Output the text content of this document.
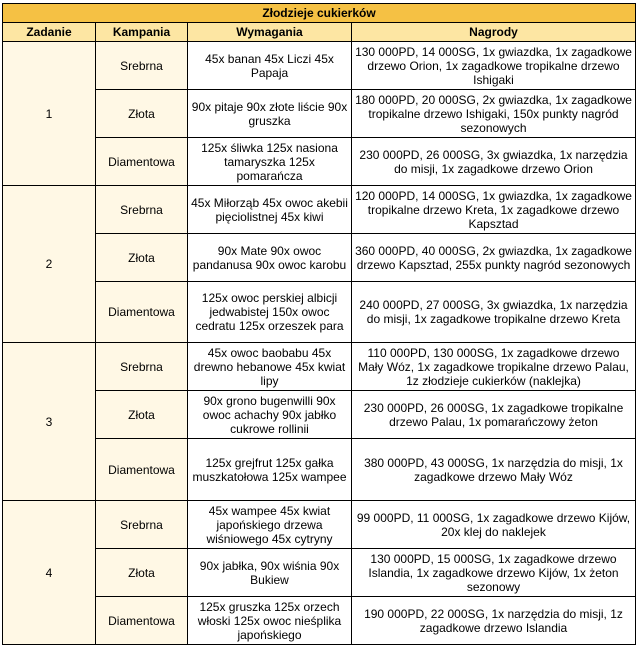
Złodzieje cukierków			
Zadanie	Kampania	Wymagania	Nagrody
1	Srebrna	45x banan 45x Liczi 45x Papaja	130 000PD, 14 000SG, 1x gwiazdka, 1x zagadkowe drzewo Orion, 1x zagadkowe tropikalne drzewo Ishigaki
	Złota	90x pitaje 90x złote liście 90x gruszka	180 000PD, 20 000SG, 2x gwiazdka, 1x zagadkowe tropikalne drzewo Ishigaki, 150x punkty nagród sezonowych
	Diamentowa	125x śliwka 125x nasiona tamaryszka 125x pomarańcza	230 000PD, 26 000SG, 3x gwiazdka, 1x narzędzia do misji, 1x zagadkowe drzewo Orion
2	Srebrna	45x Miłorząb 45x owoc akebii pięciolistnej 45x kiwi	120 000PD, 14 000SG, 1x gwiazdka, 1x zagadkowe tropikalne drzewo Kreta, 1x zagadkowe drzewo Kapsztad
	Złota	90x Mate 90x owoc pandanusa 90x owoc karobu	360 000PD, 40 000SG, 2x gwiazdka, 1x zagadkowe drzewo Kapsztad, 255x punkty nagród sezonowych
	Diamentowa	125x owoc perskiej albicji jedwabistej 150x owoc cedratu 125x orzeszek para	240 000PD, 27 000SG, 3x gwiazdka, 1x narzędzia do misji, 1x zagadkowe tropikalne drzewo Kreta
3	Srebrna	45x owoc baobabu 45x drewno hebanowe 45x kwiat lipy	110 000PD, 130 000SG, 1x zagadkowe drzewo Mały Wóz, 1x zagadkowe tropikalne drzewo Palau, 1z złodzieje cukierków (naklejka)
	Złota	90x grono bugenwilli 90x owoc achachy 90x jabłko cukrowe rollinii	230 000PD, 26 000SG, 1x zagadkowe tropikalne drzewo Palau, 1x pomarańczowy żeton
	Diamentowa	125x grejfrut 125x gałka muszkatołowa 125x wampee	380 000PD, 43 000SG, 1x narzędzia do misji, 1x zagadkowe drzewo Mały Wóz
4	Srebrna	45x wampee 45x kwiat japońskiego drzewa wiśniowego 45x cytryny	99 000PD, 11 000SG, 1x zagadkowe drzewo Kijów, 20x klej do naklejek
	Złota	90x jabłka, 90x wiśnia 90x Bukiew	130 000PD, 15 000SG, 1x zagadkowe drzewo Islandia, 1x zagadkowe drzewo Kijów, 1x żeton sezonowy
	Diamentowa	125x gruszka 125x orzech włoski 125x owoc nieśplika japońskiego	190 000PD, 22 000SG, 1x narzędzia do misji, 1z zagadkowe drzewo Islandia
